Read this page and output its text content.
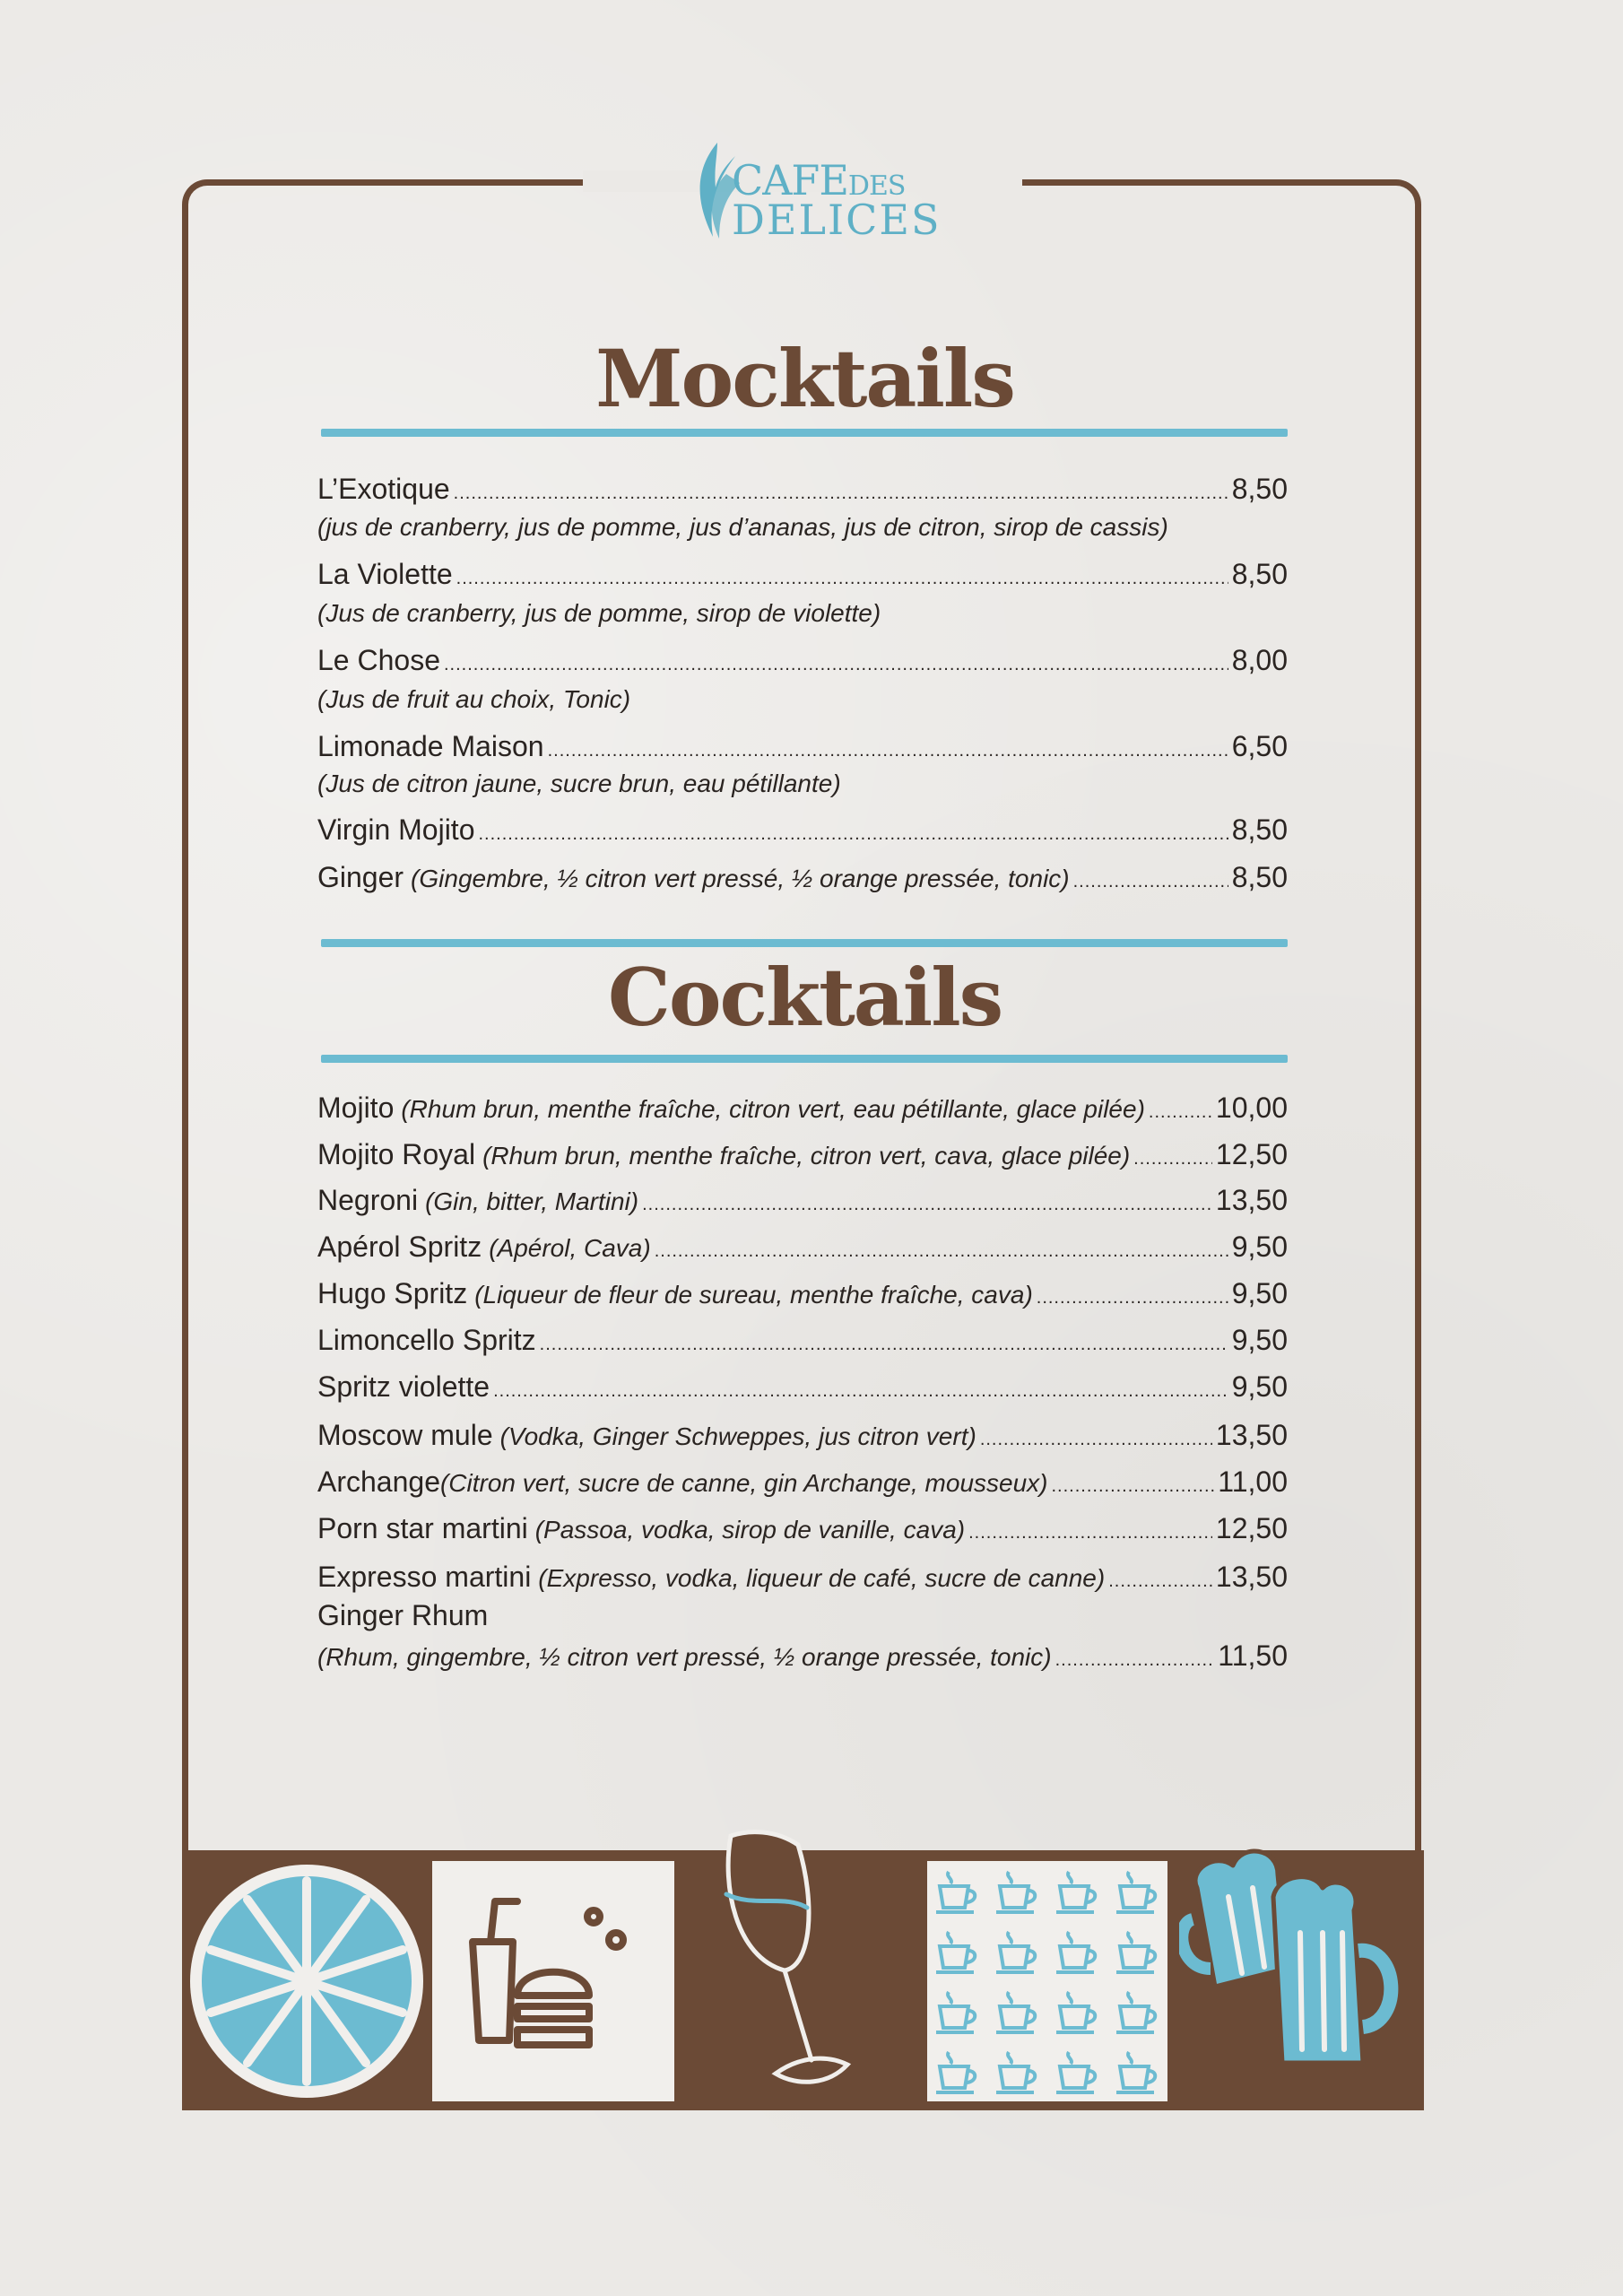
CAFEDES
DELICES
Mocktails
L’Exotique .....	8,50
(jus de cranberry, jus de pomme, jus d’ananas, jus de citron, sirop de cassis)
La Violette .....	8,50
(Jus de cranberry, jus de pomme, sirop de violette)
Le Chose .....	8,00
(Jus de fruit au choix, Tonic)
Limonade Maison .....	6,50
(Jus de citron jaune, sucre brun, eau pétillante)
Virgin Mojito .....	8,50
Ginger (Gingembre, ½ citron vert pressé, ½ orange pressée, tonic) .....	8,50
Cocktails
Mojito (Rhum brun, menthe fraîche, citron vert, eau pétillante, glace pilée) ..... 10,00
Mojito Royal (Rhum brun, menthe fraîche, citron vert, cava, glace pilée) .....	12,50
Negroni (Gin, bitter, Martini) .....	13,50
Apérol Spritz (Apérol, Cava) .....	9,50
Hugo Spritz (Liqueur de fleur de sureau, menthe fraîche, cava) .....	9,50
Limoncello Spritz .....	9,50
Spritz violette .....	9,50
Moscow mule (Vodka, Ginger Schweppes, jus citron vert) .....	13,50
Archange (Citron vert, sucre de canne, gin Archange, mousseux) .....	11,00
Porn star martini (Passoa, vodka, sirop de vanille, cava) .....	12,50
Expresso martini (Expresso, vodka, liqueur de café, sucre de canne) .....	13,50
Ginger Rhum
(Rhum, gingembre, ½ citron vert pressé, ½ orange pressée, tonic) .....	11,50
